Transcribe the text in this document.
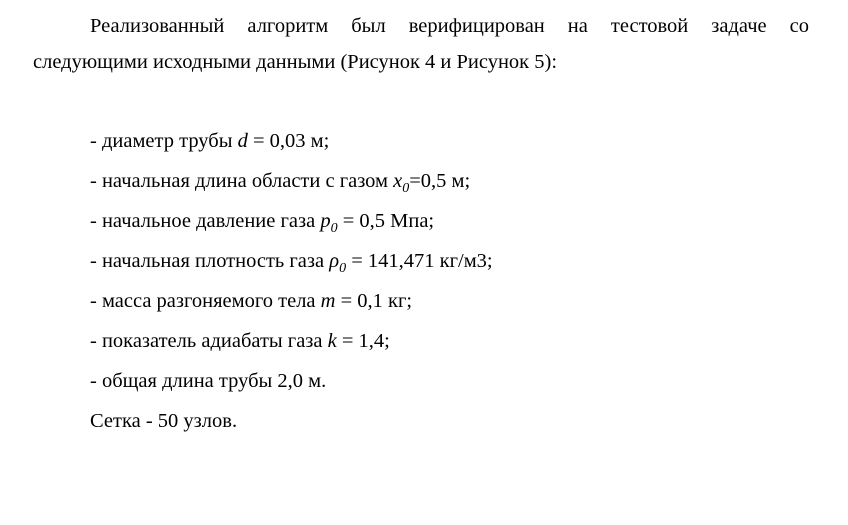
Реализованный алгоритм был верифицирован на тестовой задаче со
следующими исходными данными (Рисунок 4 и Рисунок 5):

- диаметр трубы d = 0,03 м;

- начальная длина области с газом $x_0=0,5$ м;

- начальное давление газа $p_0 = 0,5$ Мпа;

- начальная плотность газа $\rho_0 = 141,471$ кг/м3;

- масса разгоняемого тела m = 0,1 кг;

- показатель адиабаты газа k = 1,4;

- общая длина трубы 2,0 м.

Сетка - 50 узлов.
